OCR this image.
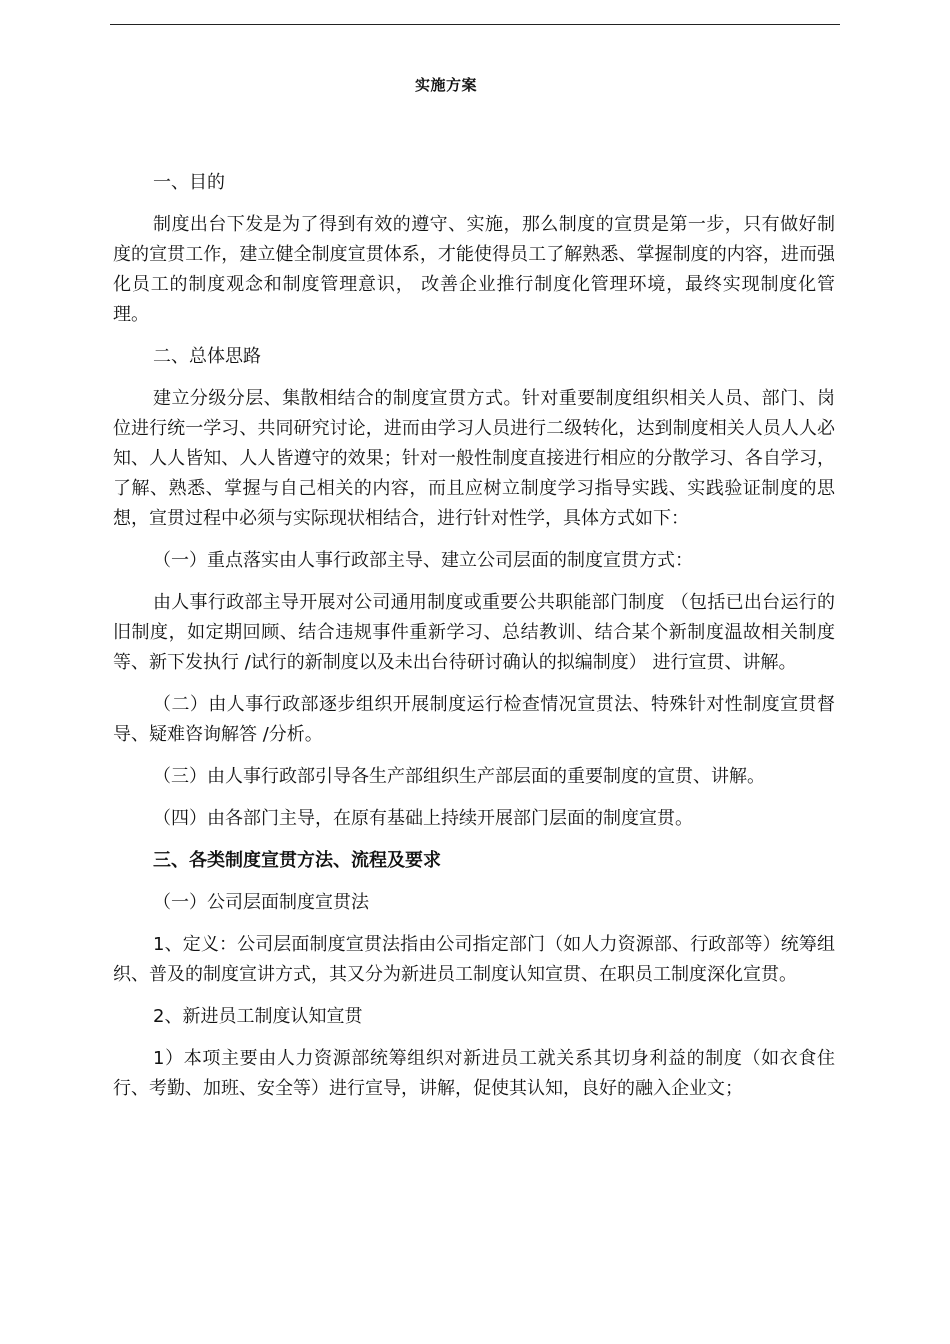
实施方案

一、目的

制度出台下发是为了得到有效的遵守、实施，那么制度的宣贯是第一步，只有做好制度的宣贯工作，建立健全制度宣贯体系，才能使得员工了解熟悉、掌握制度的内容，进而强化员工的制度观念和制度管理意识， 改善企业推行制度化管理环境，最终实现制度化管理。

二、总体思路

建立分级分层、集散相结合的制度宣贯方式。针对重要制度组织相关人员、部门、岗位进行统一学习、共同研究讨论，进而由学习人员进行二级转化，达到制度相关人员人人必知、人人皆知、人人皆遵守的效果；针对一般性制度直接进行相应的分散学习、各自学习，了解、熟悉、掌握与自己相关的内容，而且应树立制度学习指导实践、实践验证制度的思想，宣贯过程中必须与实际现状相结合，进行针对性学，具体方式如下：

（一）重点落实由人事行政部主导、建立公司层面的制度宣贯方式：

由人事行政部主导开展对公司通用制度或重要公共职能部门制度 （包括已出台运行的旧制度，如定期回顾、结合违规事件重新学习、总结教训、结合某个新制度温故相关制度等、新下发执行 /试行的新制度以及未出台待研讨确认的拟编制度） 进行宣贯、讲解。

（二）由人事行政部逐步组织开展制度运行检查情况宣贯法、特殊针对性制度宣贯督导、疑难咨询解答 /分析。

（三）由人事行政部引导各生产部组织生产部层面的重要制度的宣贯、讲解。

（四）由各部门主导，在原有基础上持续开展部门层面的制度宣贯。

三、各类制度宣贯方法、流程及要求

（一）公司层面制度宣贯法

1、定义：公司层面制度宣贯法指由公司指定部门（如人力资源部、行政部等）统筹组织、普及的制度宣讲方式，其又分为新进员工制度认知宣贯、在职员工制度深化宣贯。

2、新进员工制度认知宣贯

1）本项主要由人力资源部统筹组织对新进员工就关系其切身利益的制度（如衣食住行、考勤、加班、安全等）进行宣导，讲解，促使其认知，良好的融入企业文；
